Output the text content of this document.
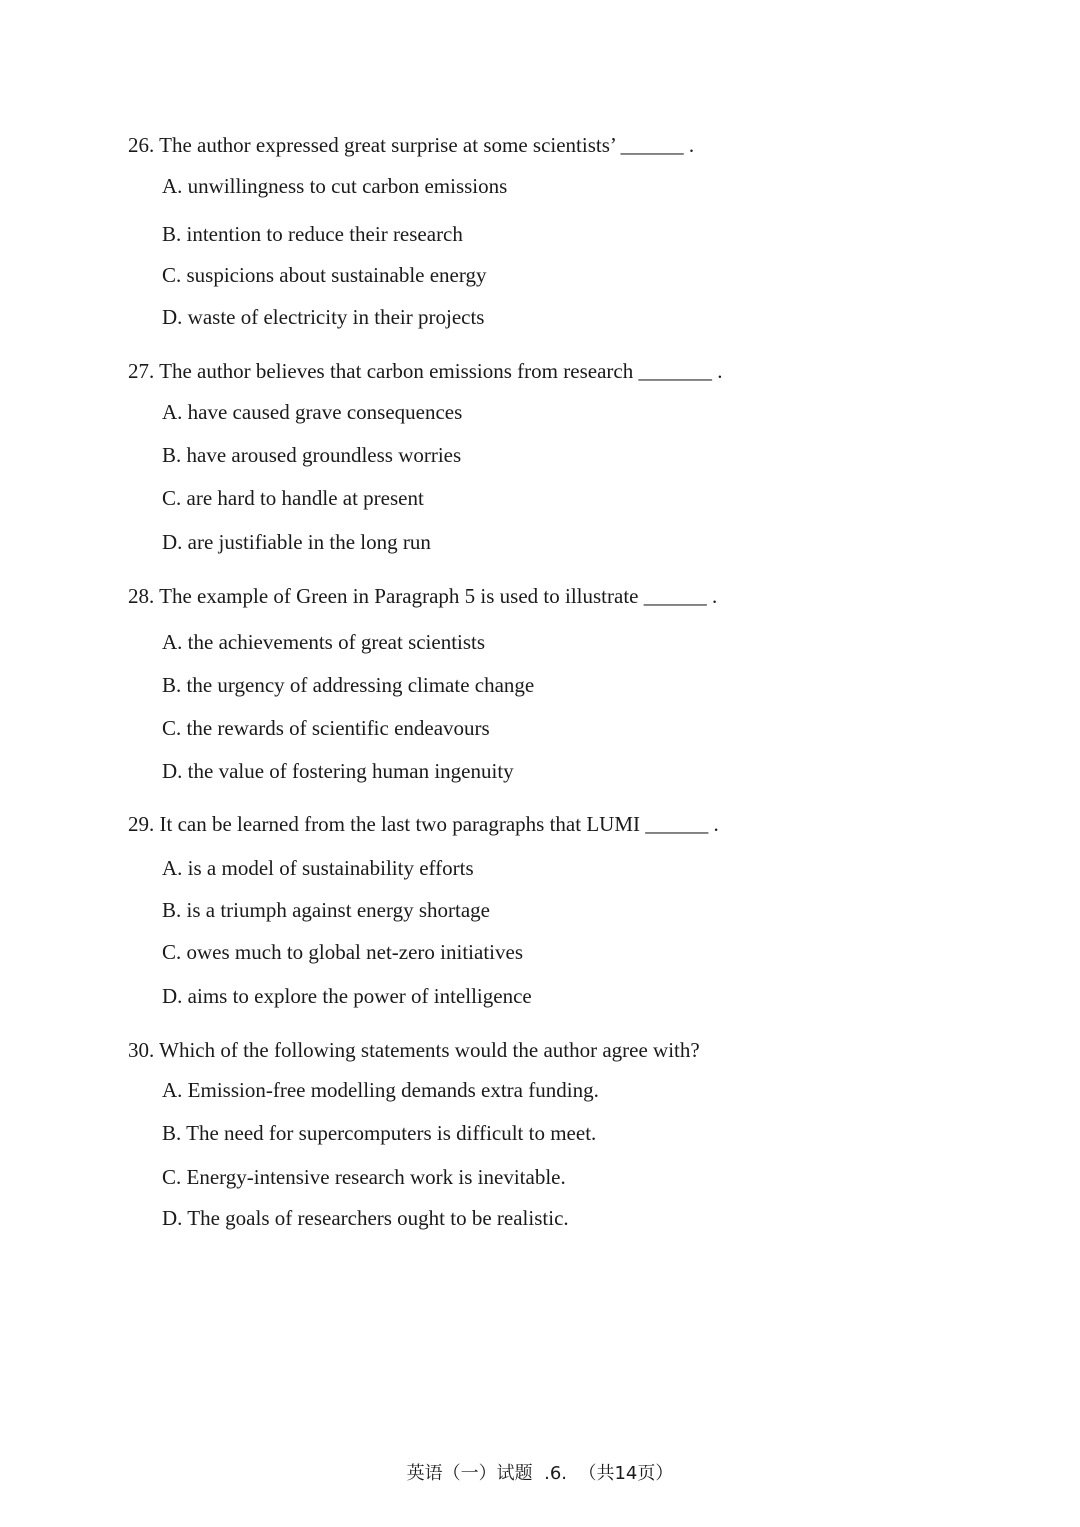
26. The author expressed great surprise at some scientists’ ______ .
A. unwillingness to cut carbon emissions
B. intention to reduce their research
C. suspicions about sustainable energy
D. waste of electricity in their projects
27. The author believes that carbon emissions from research _______ .
A. have caused grave consequences
B. have aroused groundless worries
C. are hard to handle at present
D. are justifiable in the long run
28. The example of Green in Paragraph 5 is used to illustrate ______ .
A. the achievements of great scientists
B. the urgency of addressing climate change
C. the rewards of scientific endeavours
D. the value of fostering human ingenuity
29. It can be learned from the last two paragraphs that LUMI ______ .
A. is a model of sustainability efforts
B. is a triumph against energy shortage
C. owes much to global net-zero initiatives
D. aims to explore the power of intelligence
30. Which of the following statements would the author agree with?
A. Emission-free modelling demands extra funding.
B. The need for supercomputers is difficult to meet.
C. Energy-intensive research work is inevitable.
D. The goals of researchers ought to be realistic.
英语（一）试题  .6.  （共14页）
